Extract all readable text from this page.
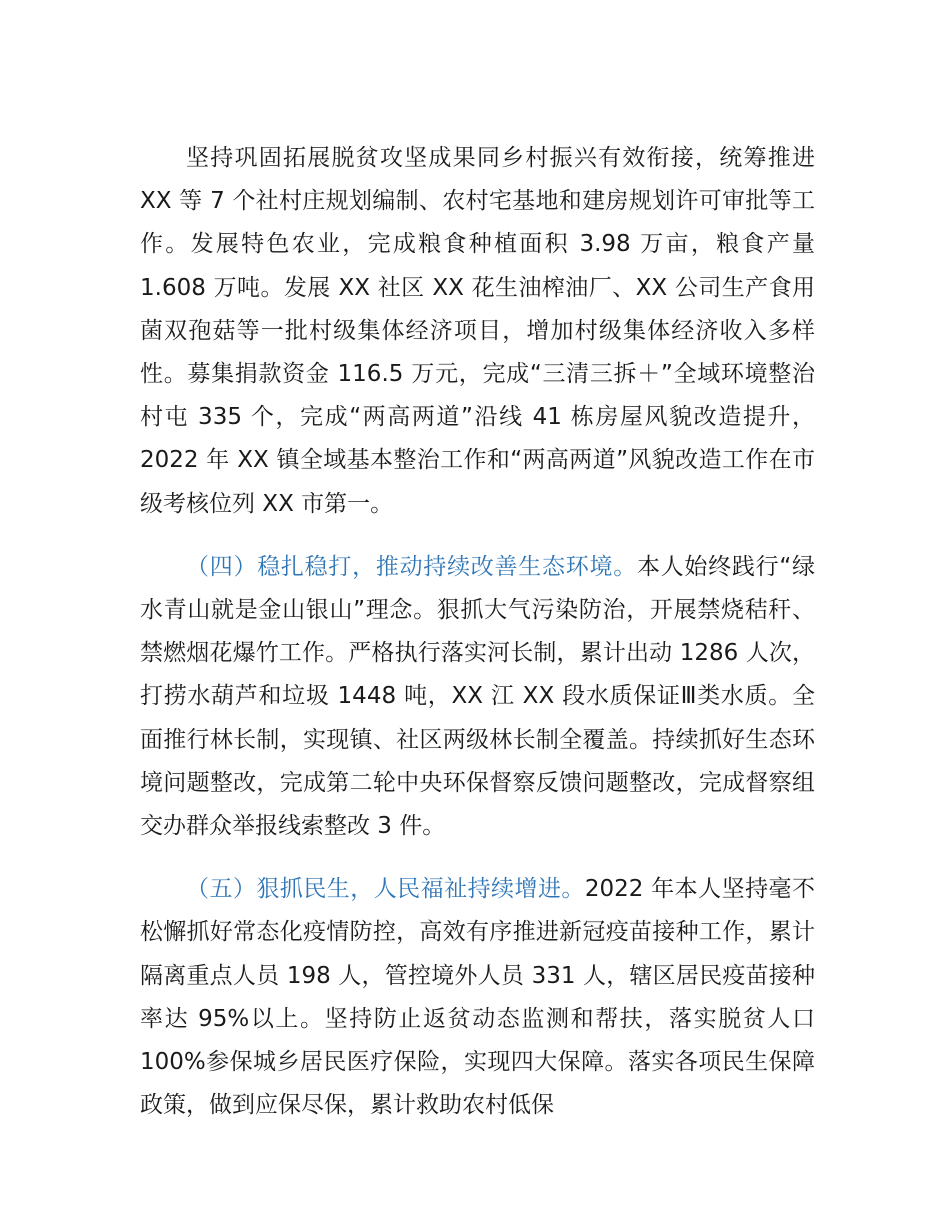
坚持巩固拓展脱贫攻坚成果同乡村振兴有效衔接，统筹推进 XX 等 7 个社村庄规划编制、农村宅基地和建房规划许可审批等工作。发展特色农业，完成粮食种植面积 3.98 万亩，粮食产量 1.608 万吨。发展 XX 社区 XX 花生油榨油厂、XX 公司生产食用菌双孢菇等一批村级集体经济项目，增加村级集体经济收入多样性。募集捐款资金 116.5 万元，完成“三清三拆＋”全域环境整治村屯 335 个，完成“两高两道”沿线 41 栋房屋风貌改造提升，2022 年 XX 镇全域基本整治工作和“两高两道”风貌改造工作在市级考核位列 XX 市第一。

（四）稳扎稳打，推动持续改善生态环境。本人始终践行“绿水青山就是金山银山”理念。狠抓大气污染防治，开展禁烧秸秆、禁燃烟花爆竹工作。严格执行落实河长制，累计出动 1286 人次，打捞水葫芦和垃圾 1448 吨，XX 江 XX 段水质保证Ⅲ类水质。全面推行林长制，实现镇、社区两级林长制全覆盖。持续抓好生态环境问题整改，完成第二轮中央环保督察反馈问题整改，完成督察组交办群众举报线索整改 3 件。

（五）狠抓民生，人民福祉持续增进。2022 年本人坚持毫不松懈抓好常态化疫情防控，高效有序推进新冠疫苗接种工作，累计隔离重点人员 198 人，管控境外人员 331 人，辖区居民疫苗接种率达 95%以上。坚持防止返贫动态监测和帮扶，落实脱贫人口 100%参保城乡居民医疗保险，实现四大保障。落实各项民生保障政策，做到应保尽保，累计救助农村低保
